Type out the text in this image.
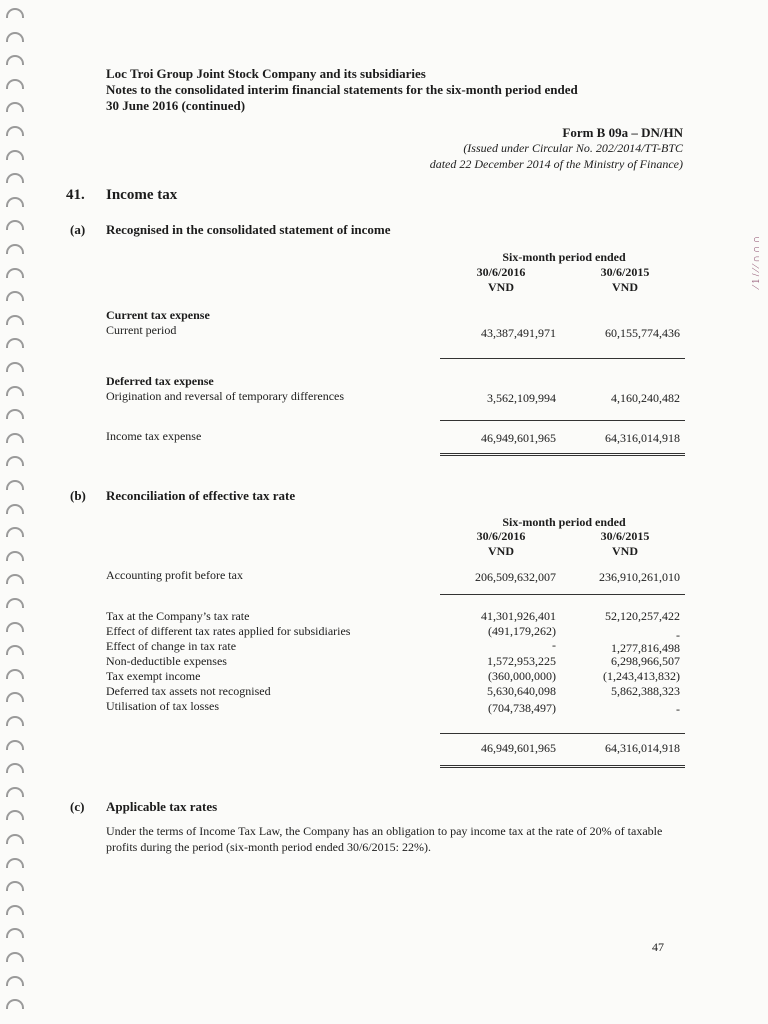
⁄ 1 / ⁄ ⁄ ∩ ∩ ∩
Loc Troi Group Joint Stock Company and its subsidiaries
Notes to the consolidated interim financial statements for the six-month period ended
30 June 2016 (continued)
Form B 09a – DN/HN
(Issued under Circular No. 202/2014/TT-BTC
dated 22 December 2014 of the Ministry of Finance)
41. Income tax
(a) Recognised in the consolidated statement of income
Six-month period ended
30/6/2016
VND
30/6/2015
VND
Current tax expense
Current period	43,387,491,971	60,155,774,436
Deferred tax expense
Origination and reversal of temporary differences	3,562,109,994	4,160,240,482
Income tax expense	46,949,601,965	64,316,014,918
(b) Reconciliation of effective tax rate
Six-month period ended
30/6/2016
VND
30/6/2015
VND
Accounting profit before tax	206,509,632,007	236,910,261,010
Tax at the Company’s tax rate	41,301,926,401	52,120,257,422
Effect of different tax rates applied for subsidiaries	(491,179,262)	-
Effect of change in tax rate	-	1,277,816,498
Non-deductible expenses	1,572,953,225	6,298,966,507
Tax exempt income	(360,000,000)	(1,243,413,832)
Deferred tax assets not recognised	5,630,640,098	5,862,388,323
Utilisation of tax losses	(704,738,497)	-
46,949,601,965	64,316,014,918
(c) Applicable tax rates
Under the terms of Income Tax Law, the Company has an obligation to pay income tax at the rate of 20% of taxable profits during the period (six-month period ended 30/6/2015: 22%).
47
